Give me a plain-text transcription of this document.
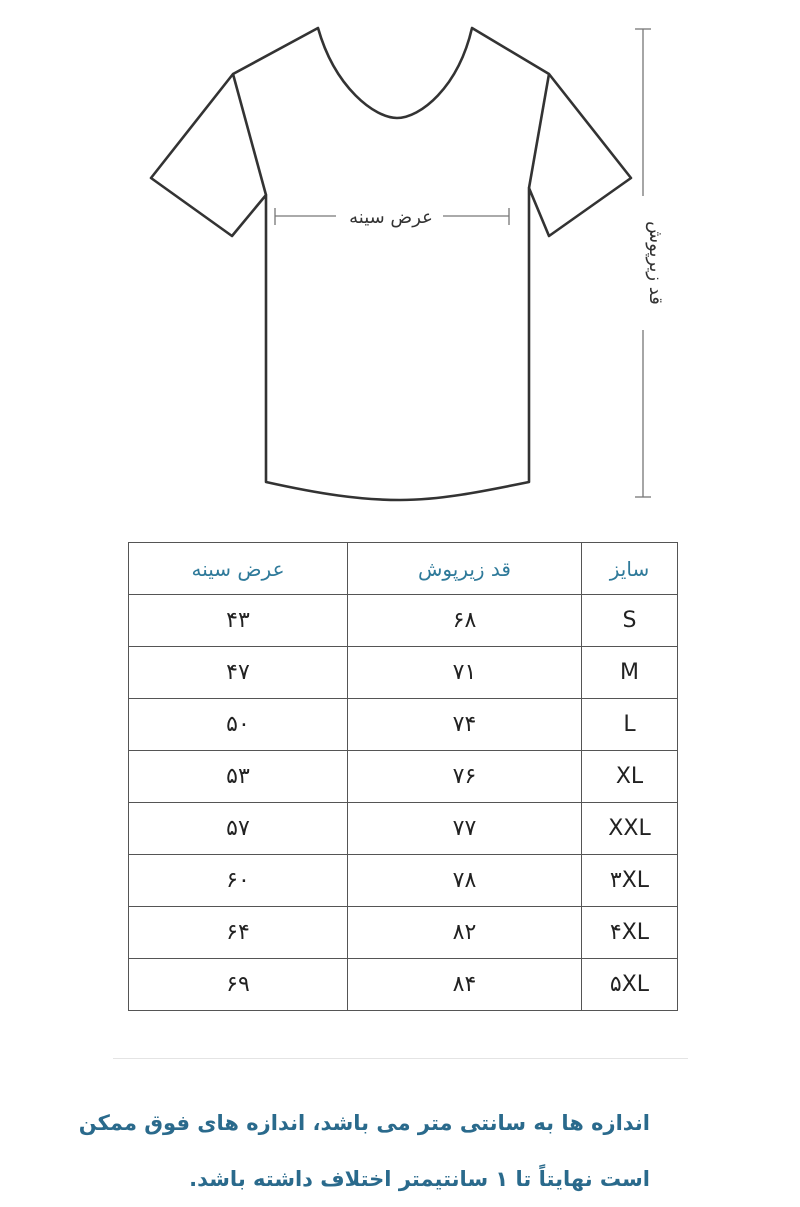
عرض سینه
قد زیرپوش
سایز	قد زیرپوش	عرض سینه
S	۶۸	۴۳
M	۷۱	۴۷
L	۷۴	۵۰
XL	۷۶	۵۳
XXL	۷۷	۵۷
۳XL	۷۸	۶۰
۴XL	۸۲	۶۴
۵XL	۸۴	۶۹
اندازه ها به سانتی متر می باشد، اندازه های فوق ممکن
است نهایتاً تا ۱ سانتیمتر اختلاف داشته باشد.
